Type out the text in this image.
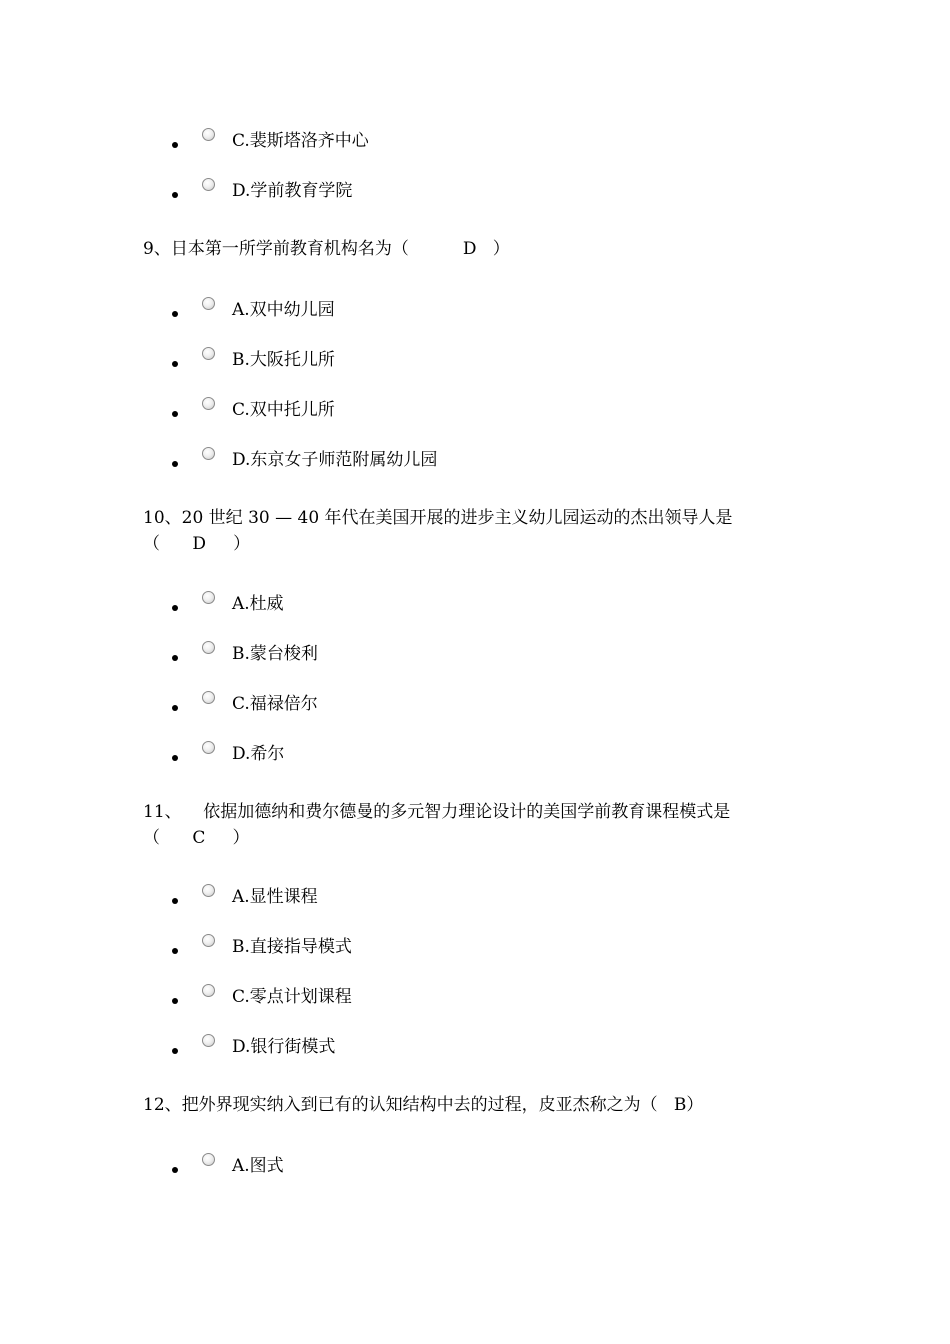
C.裴斯塔洛齐中心
D.学前教育学院
9、日本第一所学前教育机构名为（          D   ）
A.双中幼儿园
B.大阪托儿所
C.双中托儿所
D.东京女子师范附属幼儿园
10、20 世纪 30 — 40 年代在美国开展的进步主义幼儿园运动的杰出领导人是
（      D     ）
A.杜威
B.蒙台梭利
C.福禄倍尔
D.希尔
11、    依据加德纳和费尔德曼的多元智力理论设计的美国学前教育课程模式是
（      C     ）
A.显性课程
B.直接指导模式
C.零点计划课程
D.银行街模式
12、把外界现实纳入到已有的认知结构中去的过程，皮亚杰称之为（   B）
A.图式
